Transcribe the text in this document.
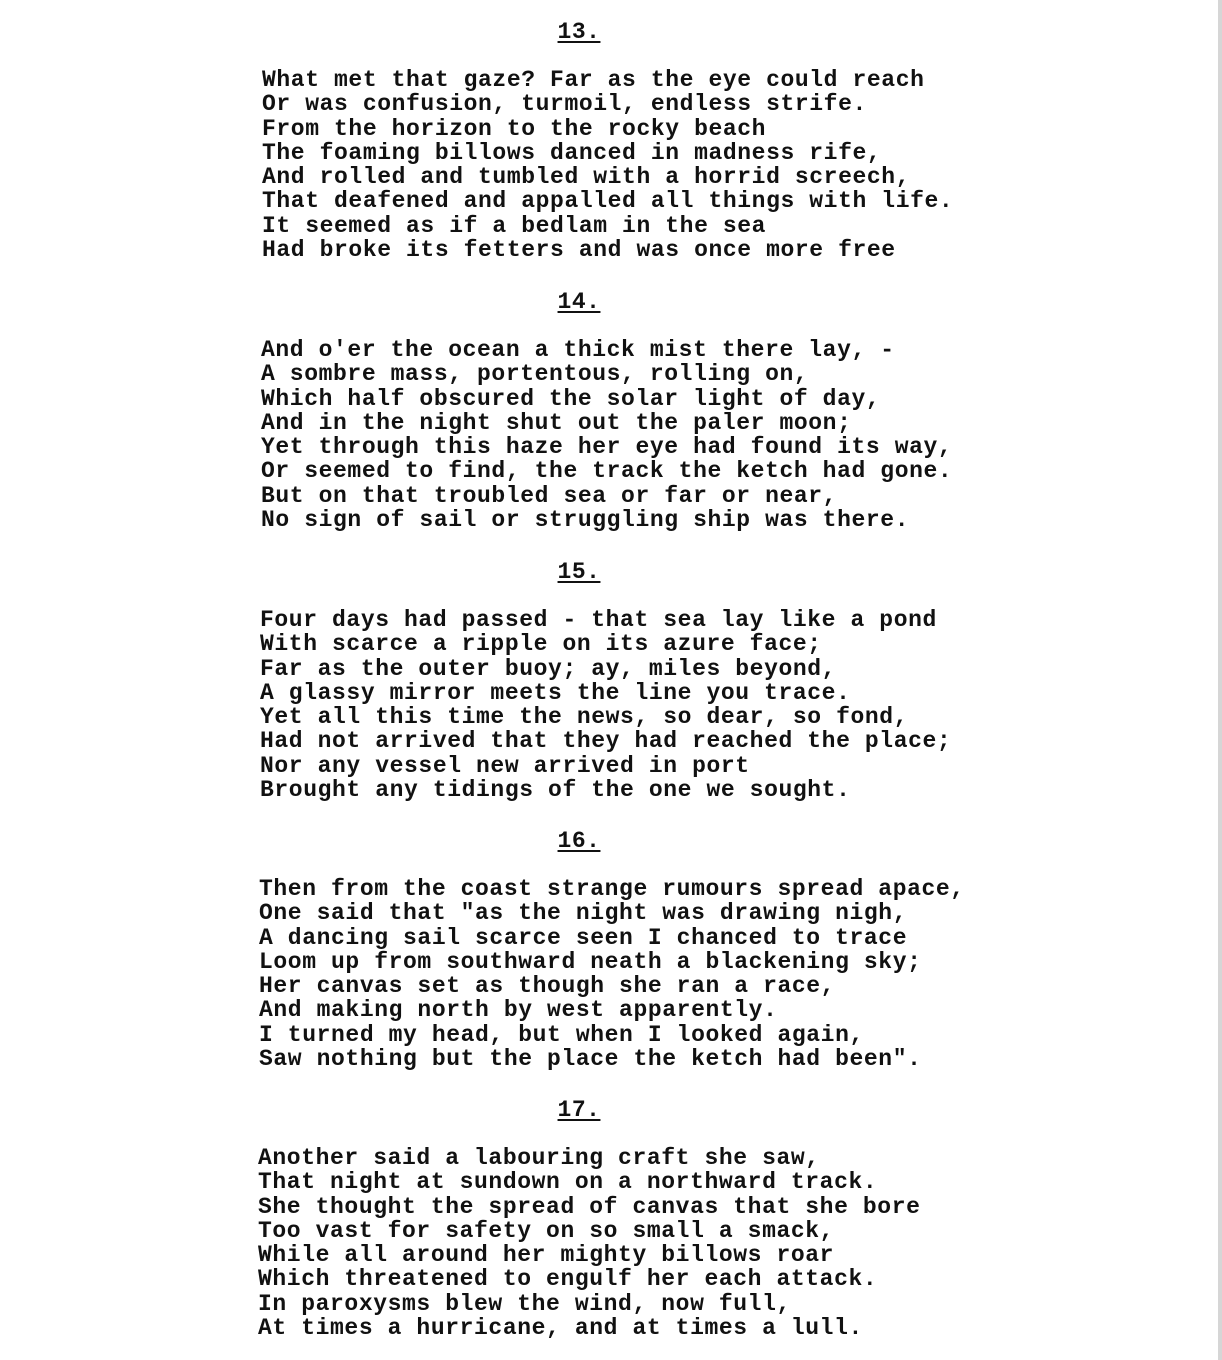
13.
What met that gaze? Far as the eye could reach
Or was confusion, turmoil, endless strife.
From the horizon to the rocky beach
The foaming billows danced in madness rife,
And rolled and tumbled with a horrid screech,
That deafened and appalled all things with life.
It seemed as if a bedlam in the sea
Had broke its fetters and was once more free
14.
And o'er the ocean a thick mist there lay, -
A sombre mass, portentous, rolling on,
Which half obscured the solar light of day,
And in the night shut out the paler moon;
Yet through this haze her eye had found its way,
Or seemed to find, the track the ketch had gone.
But on that troubled sea or far or near,
No sign of sail or struggling ship was there.
15.
Four days had passed - that sea lay like a pond
With scarce a ripple on its azure face;
Far as the outer buoy; ay, miles beyond,
A glassy mirror meets the line you trace.
Yet all this time the news, so dear, so fond,
Had not arrived that they had reached the place;
Nor any vessel new arrived in port
Brought any tidings of the one we sought.
16.
Then from the coast strange rumours spread apace,
One said that "as the night was drawing nigh,
A dancing sail scarce seen I chanced to trace
Loom up from southward neath a blackening sky;
Her canvas set as though she ran a race,
And making north by west apparently.
I turned my head, but when I looked again,
Saw nothing but the place the ketch had been".
17.
Another said a labouring craft she saw,
That night at sundown on a northward track.
She thought the spread of canvas that she bore
Too vast for safety on so small a smack,
While all around her mighty billows roar
Which threatened to engulf her each attack.
In paroxysms blew the wind, now full,
At times a hurricane, and at times a lull.
